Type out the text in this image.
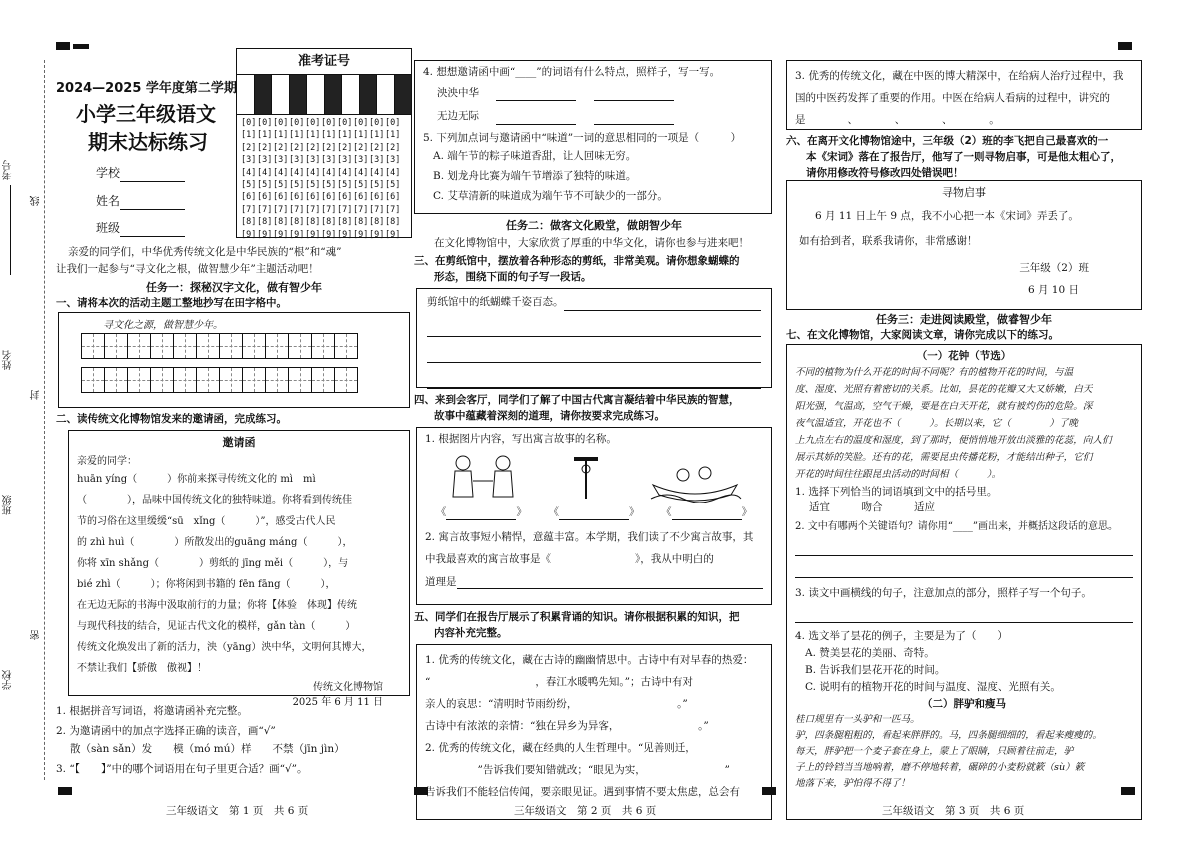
考号
线
姓名
封
班级
密
学校
2024—2025 学年度第二学期
小学三年级语文
期末达标练习
学校
姓名
班级
准考证号
[0] [0] [0] [0] [0] [0] [0] [0] [0] [0]
[1] [1] [1] [1] [1] [1] [1] [1] [1] [1]
[2] [2] [2] [2] [2] [2] [2] [2] [2] [2]
[3] [3] [3] [3] [3] [3] [3] [3] [3] [3]
[4] [4] [4] [4] [4] [4] [4] [4] [4] [4]
[5] [5] [5] [5] [5] [5] [5] [5] [5] [5]
[6] [6] [6] [6] [6] [6] [6] [6] [6] [6]
[7] [7] [7] [7] [7] [7] [7] [7] [7] [7]
[8] [8] [8] [8] [8] [8] [8] [8] [8] [8]
[9] [9] [9] [9] [9] [9] [9] [9] [9] [9]
亲爱的同学们，中华优秀传统文化是中华民族的“根”和“魂”
让我们一起参与“寻文化之根，做智慧少年”主题活动吧！
任务一：探秘汉字文化，做有智少年
一、请将本次的活动主题工整地抄写在田字格中。
寻文化之源，做智慧少年。
二、读传统文化博物馆发来的邀请函，完成练习。
邀请函
亲爱的同学：
huān yíng（　　　）你前来探寻传统文化的 mì　mì
（　　　　），品味中国传统文化的独特味道。你将看到传统佳
节的习俗在这里缓缓“sū　xǐng（　　　）”，感受古代人民
的 zhì huì（　　　　）所散发出的guāng máng（　　　），
你将 xīn shǎng（　　　　）剪纸的 jīng měi（　　　），与
bié zhì（　　　）；你将闲到书籍的 fēn fāng（　　　），
在无边无际的书海中汲取前行的力量；你将【体验　体现】传统
与现代科技的结合，见证古代文化的模样，gǎn tàn（　　　）
传统文化焕发出了新的活力，泱（yāng）泱中华，文明何其博大，
不禁让我们【骄傲　傲视】！
传统文化博物馆
2025 年 6 月 11 日
1. 根据拼音写词语，将邀请函补充完整。
2. 为邀请函中的加点字选择正确的读音，画“√”
散（sàn sǎn）发　　模（mó mú）样　　不禁（jīn jìn）
3. “【　　】”中的哪个词语用在句子里更合适？画“√”。
三年级语文　第 1 页　共 6 页
4. 想想邀请函中画“____”的词语有什么特点，照样子，写一写。
泱泱中华
无边无际
5. 下列加点词与邀请函中“味道”一词的意思相同的一项是（　　　）
A. 端午节的粽子味道香甜，让人回味无穷。
B. 划龙舟比赛为端午节增添了独特的味道。
C. 艾草清新的味道成为端午节不可缺少的一部分。
任务二：做客文化殿堂，做朗智少年
在文化博物馆中，大家欣赏了厚重的中华文化，请你也参与进来吧！
三、在剪纸馆中，摆放着各种形态的剪纸，非常美观。请你想象蝴蝶的
形态，围绕下面的句子写一段话。
剪纸馆中的纸蝴蝶千姿百态。
四、来到会客厅，同学们了解了中国古代寓言凝结着中华民族的智慧，
故事中蕴藏着深刻的道理，请你按要求完成练习。
1. 根据图片内容，写出寓言故事的名称。
《	》 《	》 《	》
2. 寓言故事短小精悍，意蕴丰富。本学期，我们读了不少寓言故事，其
中我最喜欢的寓言故事是《　　　　　　　　》，我从中明白的
道理是
五、同学们在报告厅展示了积累背诵的知识。请你根据积累的知识，把
内容补充完整。
1. 优秀的传统文化，藏在古诗的幽幽情思中。古诗中有对早春的热爱：
“　　　　　　　　　　，春江水暖鸭先知。”；古诗中有对
亲人的哀思：“清明时节雨纷纷，　　　　　　　　　　。”
古诗中有浓浓的亲情：“独在异乡为异客，　　　　　　　　。”
2. 优秀的传统文化，藏在经典的人生哲理中。“见善则迁，　　　　　　
　　　　　”告诉我们要知错就改；“眼见为实，　　　　　　　　”
告诉我们不能轻信传闻，要亲眼见证。遇到事情不要太焦虑，总会有
三年级语文　第 2 页　共 6 页
3. 优秀的传统文化，藏在中医的博大精深中，在给病人治疗过程中，我
国的中医药发挥了重要的作用。中医在给病人看病的过程中，讲究的
是　　　　、　　　　、　　　　、　　　　。
六、在离开文化博物馆途中，三年级（2）班的李飞把自己最喜欢的一
本《宋词》落在了报告厅，他写了一则寻物启事，可是他太粗心了，
请你用修改符号修改四处错误吧！
寻物启事
6 月 11 日上午 9 点，我不小心把一本《宋词》弄丢了。
如有拾到者，联系我请你，非常感谢！
三年级（2）班
6 月 10 日
任务三：走进阅读殿堂，做睿智少年
七、在文化博物馆，大家阅读文章，请你完成以下的练习。
（一）花钟（节选）
不同的植物为什么开花的时间不同呢？有的植物开花的时间，与温
度、湿度、光照有着密切的关系。比如，昙花的花瓣又大又娇嫩，白天
阳光强，气温高，空气干燥，要是在白天开花，就有被灼伤的危险。深
夜气温适宜，开花也不（　　　）。长期以来，它（　　　　）了晚
上九点左右的温度和湿度，到了那时，便悄悄地开放出淡雅的花蕊，向人们
展示其娇的笑脸。还有的花，需要昆虫传播花粉，才能结出种子，它们
开花的时间往往跟昆虫活动的时间相（　　　）。
1. 选择下列恰当的词语填到文中的括号里。
适宜　　　吻合　　　适应
2. 文中有哪两个关键语句？请你用“____”画出来，并概括这段话的意思。
3. 读文中画横线的句子，注意加点的部分，照样子写一个句子。
4. 选文举了昙花的例子，主要是为了（　　）
A. 赞美昙花的美丽、奇特。
B. 告诉我们昙花开花的时间。
C. 说明有的植物开花的时间与温度、湿度、光照有关。
（二）胖驴和瘦马
桂口规里有一头驴和一匹马。
驴，四条腿粗粗的，看起来胖胖的。马，四条腿细细的，看起来瘦瘦的。
每天，胖驴把一个麦子套在身上，蒙上了眼睛，只顾着往前走，驴
子上的铃铛当当地响着，磨不停地转着，碾碎的小麦粉就簌（sù）簌
地落下来，驴怕得不得了！
三年级语文　第 3 页　共 6 页
